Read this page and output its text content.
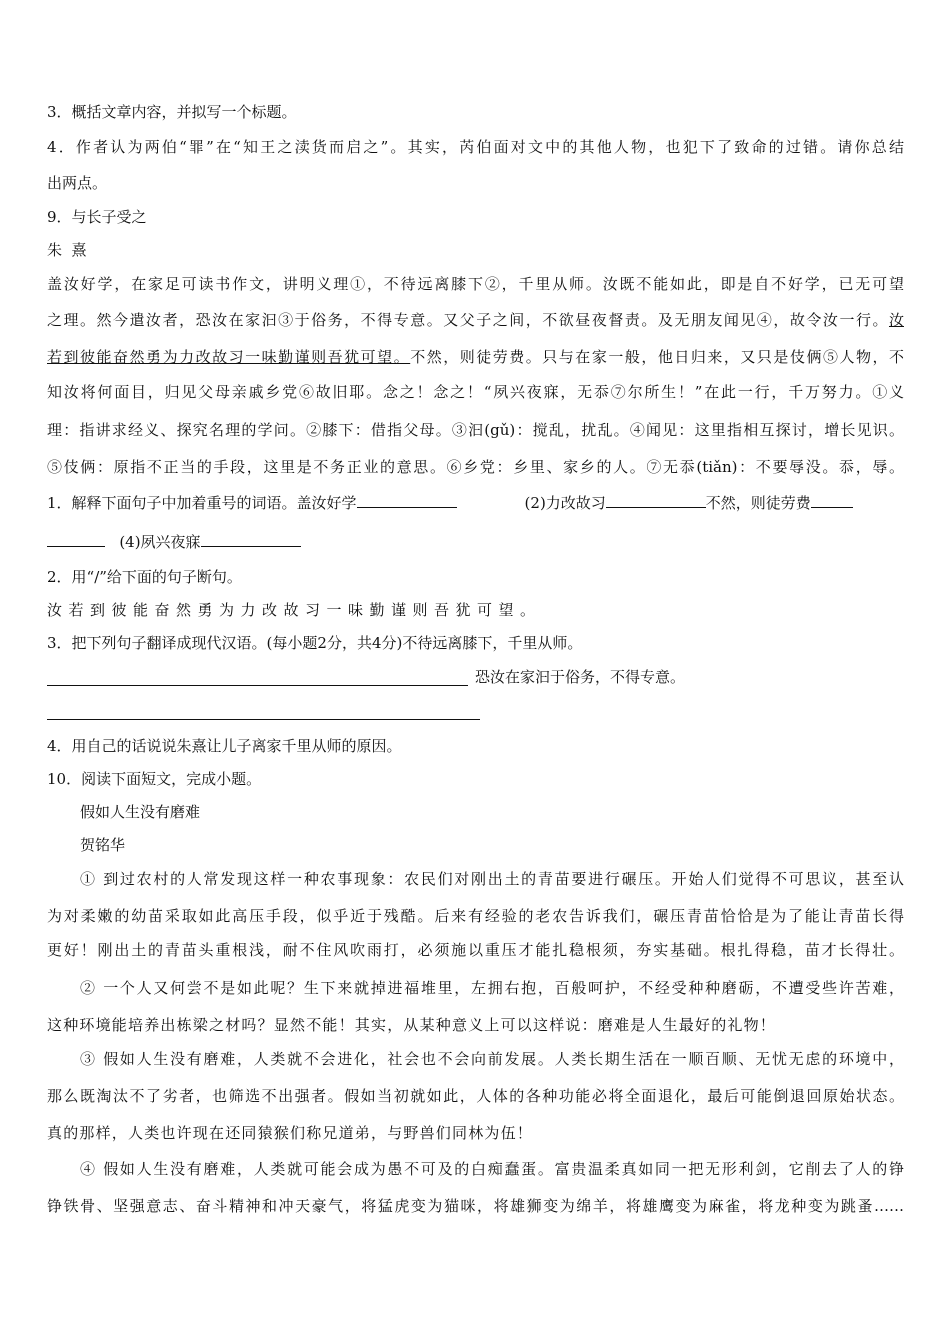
3．概括文章内容，并拟写一个标题。
4．作者认为两伯“罪”在“知王之渎货而启之”。其实，芮伯面对文中的其他人物，也犯下了致命的过错。请你总结
出两点。
9．与长子受之
朱  熹
盖汝好学，在家足可读书作文，讲明义理①，不待远离膝下②，千里从师。汝既不能如此，即是自不好学，已无可望
之理。然今遣汝者，恐汝在家汩③于俗务，不得专意。又父子之间，不欲昼夜督责。及无朋友闻见④，故令汝一行。汝
若到彼能奋然勇为力改故习一味勤谨则吾犹可望。不然，则徒劳费。只与在家一般，他日归来，又只是伎俩⑤人物，不
知汝将何面目，归见父母亲戚乡党⑥故旧耶。念之！念之！“夙兴夜寐，无忝⑦尔所生！”在此一行，千万努力。①义
理：指讲求经义、探究名理的学问。②膝下：借指父母。③汩(gǔ)：搅乱，扰乱。④闻见：这里指相互探讨，增长见识。
⑤伎俩：原指不正当的手段，这里是不务正业的意思。⑥乡党：乡里、家乡的人。⑦无忝(tiǎn)：不要辱没。忝，辱。
1．解释下面句子中加着重号的词语。盖汝好学	(2)力改故习	不然，则徒劳费
(4)夙兴夜寐
2．用“/”给下面的句子断句。
汝若到彼能奋然勇为力改故习一味勤谨则吾犹可望。
3．把下列句子翻译成现代汉语。(每小题2分，共4分)不待远离膝下，千里从师。
恐汝在家汩于俗务，不得专意。
4．用自己的话说说朱熹让儿子离家千里从师的原因。
10．阅读下面短文，完成小题。
假如人生没有磨难
贺铭华
① 到过农村的人常发现这样一种农事现象：农民们对刚出土的青苗要进行碾压。开始人们觉得不可思议，甚至认
为对柔嫩的幼苗采取如此高压手段，似乎近于残酷。后来有经验的老农告诉我们，碾压青苗恰恰是为了能让青苗长得
更好！刚出土的青苗头重根浅，耐不住风吹雨打，必须施以重压才能扎稳根须，夯实基础。根扎得稳，苗才长得壮。
② 一个人又何尝不是如此呢？生下来就掉进福堆里，左拥右抱，百般呵护，不经受种种磨砺，不遭受些许苦难，
这种环境能培养出栋梁之材吗？显然不能！其实，从某种意义上可以这样说：磨难是人生最好的礼物！
③ 假如人生没有磨难，人类就不会进化，社会也不会向前发展。人类长期生活在一顺百顺、无忧无虑的环境中，
那么既淘汰不了劣者，也筛选不出强者。假如当初就如此，人体的各种功能必将全面退化，最后可能倒退回原始状态。
真的那样，人类也许现在还同猿猴们称兄道弟，与野兽们同林为伍！
④ 假如人生没有磨难，人类就可能会成为愚不可及的白痴蠢蛋。富贵温柔真如同一把无形利剑，它削去了人的铮
铮铁骨、坚强意志、奋斗精神和冲天豪气，将猛虎变为猫咪，将雄狮变为绵羊，将雄鹰变为麻雀，将龙种变为跳蚤……
